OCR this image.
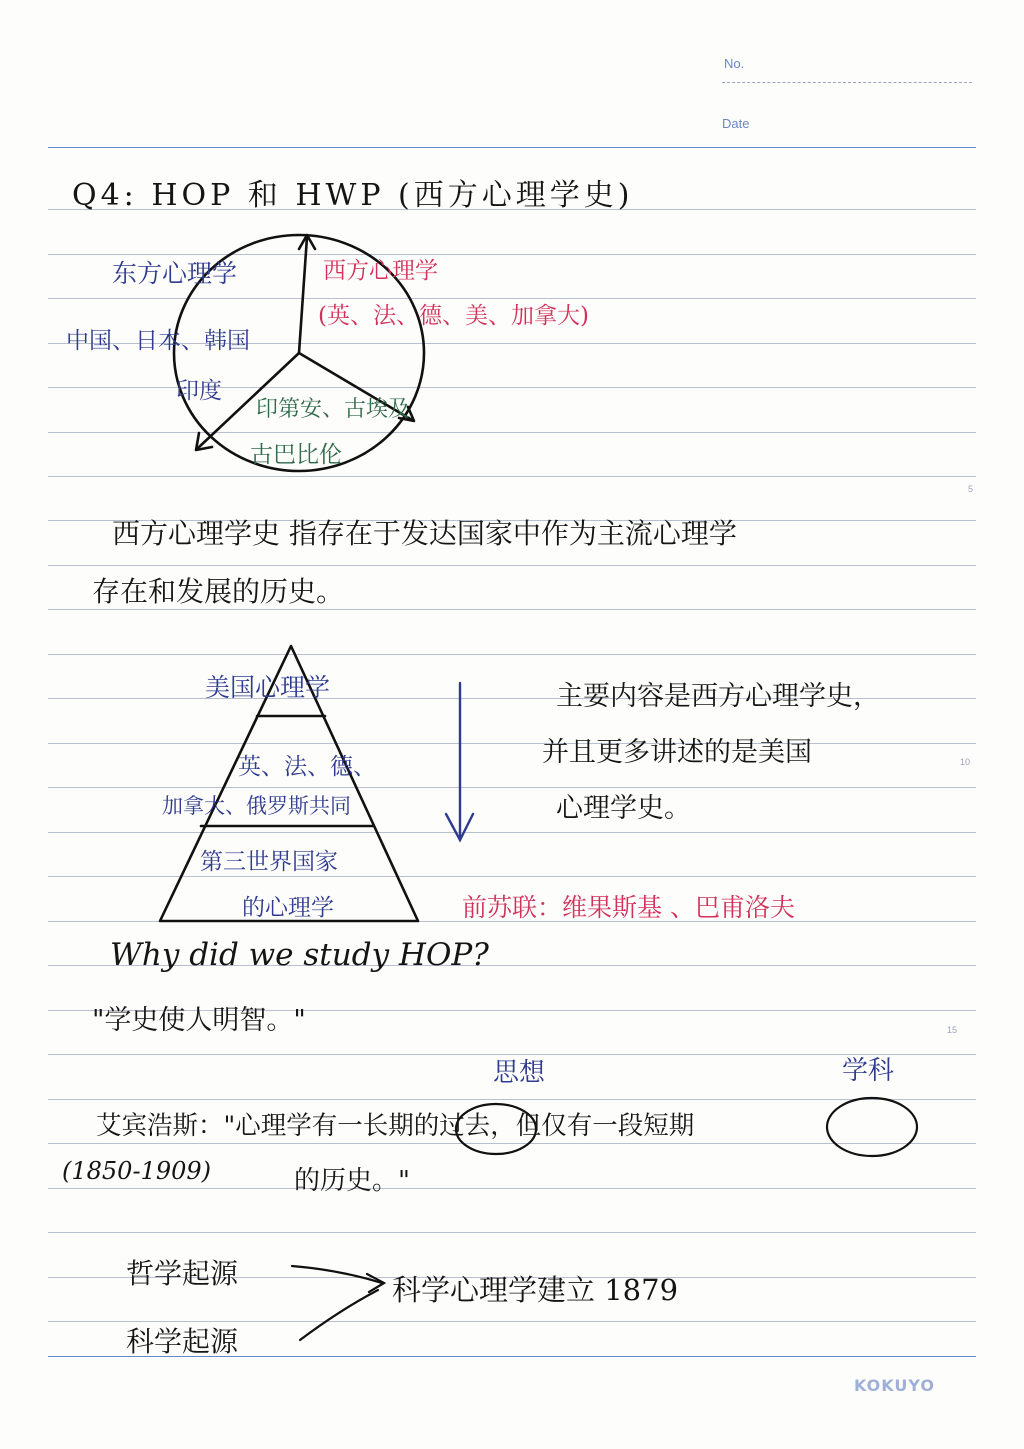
No.
Date
5
10
15
Q4: HOP 和 HWP (西方心理学史)
东方心理学
中国、日本、韩国
印度
西方心理学
(英、法、德、美、加拿大)
印第安、古埃及
古巴比伦
西方心理学史 指存在于发达国家中作为主流心理学
存在和发展的历史。
美国心理学
英、法、德、
加拿大、俄罗斯共同
第三世界国家
的心理学
主要内容是西方心理学史，
并且更多讲述的是美国
心理学史。
前苏联：维果斯基 、巴甫洛夫
Why did we study HOP?
"学史使人明智。"
思想	学科
艾宾浩斯："心理学有一长期的过去，但仅有一段短期
(1850-1909)	的历史。"
哲学起源
科学起源
科学心理学建立 1879
KOKUYO
